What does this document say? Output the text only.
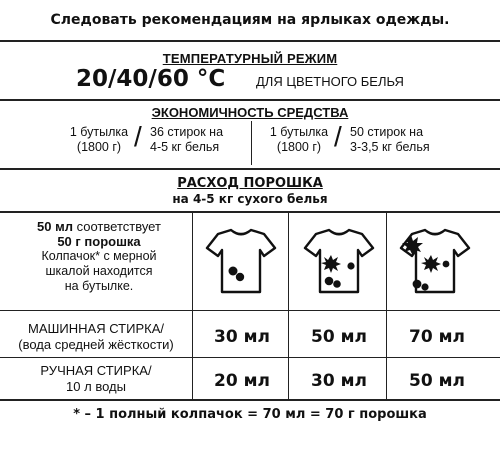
Следовать рекомендациям на ярлыках одежды.
ТЕМПЕРАТУРНЫЙ РЕЖИМ
20/40/60 °C ДЛЯ ЦВЕТНОГО БЕЛЬЯ
ЭКОНОМИЧНОСТЬ СРЕДСТВА
1 бутылка
(1800 г) / 36 стирок на
4-5 кг белья
1 бутылка
(1800 г) / 50 стирок на
3-3,5 кг белья
РАСХОД ПОРОШКА
на 4-5 кг сухого белья
50 мл соответствует
50 г порошка
Колпачок* с мерной
шкалой находится
на бутылке.
МАШИННАЯ СТИРКА/
(вода средней жёсткости)	30 мл	50 мл	70 мл
РУЧНАЯ СТИРКА/
10 л воды	20 мл	30 мл	50 мл
* – 1 полный колпачок = 70 мл = 70 г порошка
